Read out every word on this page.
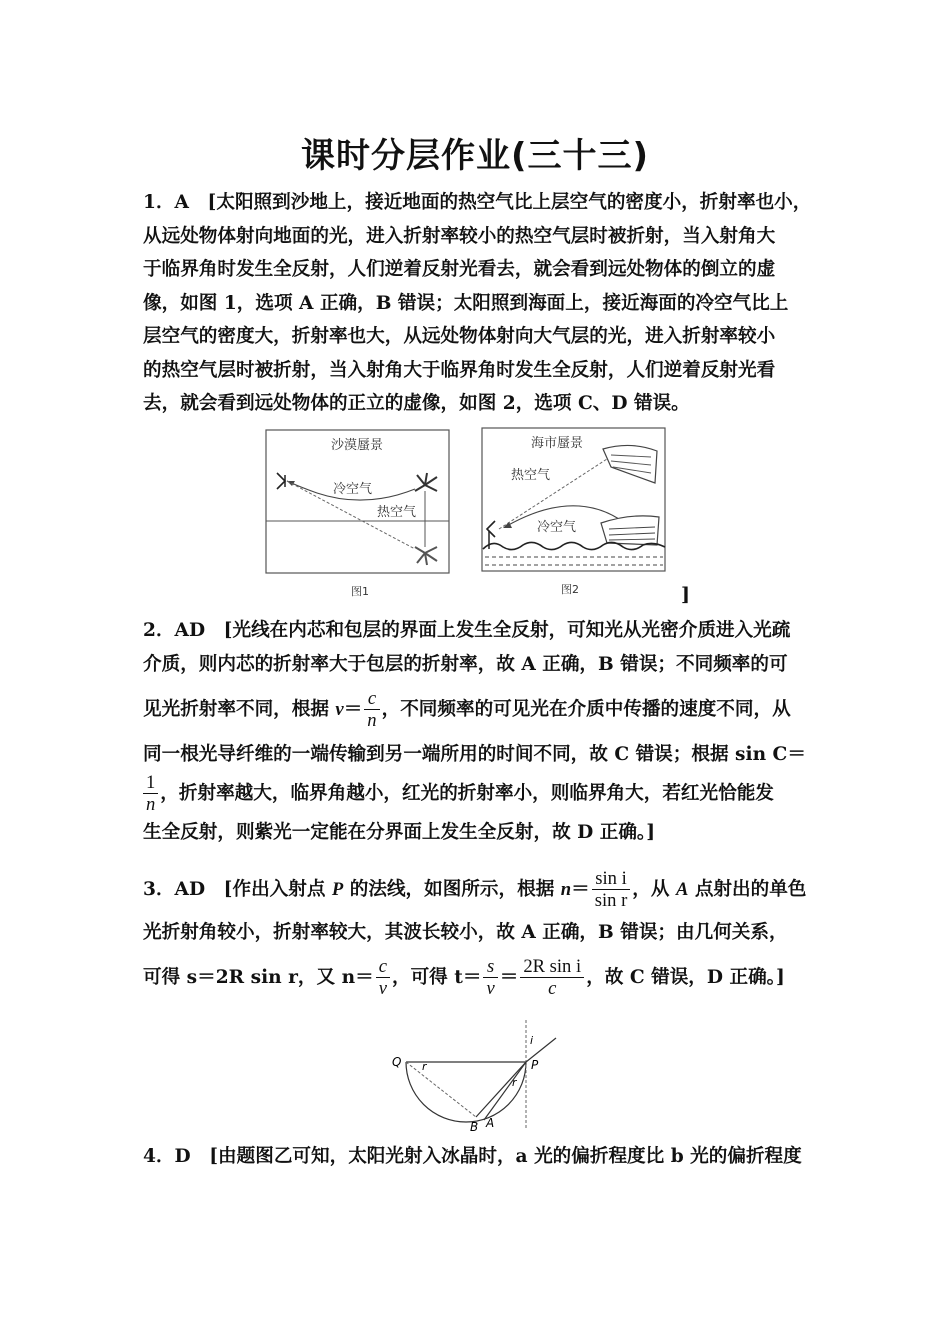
课时分层作业(三十三)
1．A　[太阳照到沙地上，接近地面的热空气比上层空气的密度小，折射率也小，
从远处物体射向地面的光，进入折射率较小的热空气层时被折射，当入射角大
于临界角时发生全反射，人们逆着反射光看去，就会看到远处物体的倒立的虚
像，如图 1，选项 A 正确，B 错误；太阳照到海面上，接近海面的冷空气比上
层空气的密度大，折射率也大，从远处物体射向大气层的光，进入折射率较小
的热空气层时被折射，当入射角大于临界角时发生全反射，人们逆着反射光看
去，就会看到远处物体的正立的虚像，如图 2，选项 C、D 错误。
沙漠蜃景
冷空气
热空气
图1
海市蜃景
热空气
冷空气
图2	]
2．AD　[光线在内芯和包层的界面上发生全反射，可知光从光密介质进入光疏
介质，则内芯的折射率大于包层的折射率，故 A 正确，B 错误；不同频率的可
见光折射率不同，根据 $v= \frac{c}{n}$ ，不同频率的可见光在介质中传播的速度不同，从
同一根光导纤维的一端传输到另一端所用的时间不同，故 C 错误；根据 sin C＝
$\frac{1}{n}$ ，折射率越大，临界角越小，红光的折射率小，则临界角大，若红光恰能发
生全反射，则紫光一定能在分界面上发生全反射，故 D 正确。]
3．AD　[作出入射点 P 的法线，如图所示，根据 $n= \frac{\text{sin i}}{\text{sin r}}$ ，从 A 点射出的单色
光折射角较小，折射率较大，其波长较小，故 A 正确，B 错误；由几何关系，
可得 s＝2R sin r，又 $n= \frac{c}{v}$ ，可得 $t= \frac{s}{v} = \frac{\text{2R sin i}}{c}$ ，故 C 错误，D 正确。]
Q	P
B A
r
r
i
4．D　[由题图乙可知，太阳光射入冰晶时，a 光的偏折程度比 b 光的偏折程度
